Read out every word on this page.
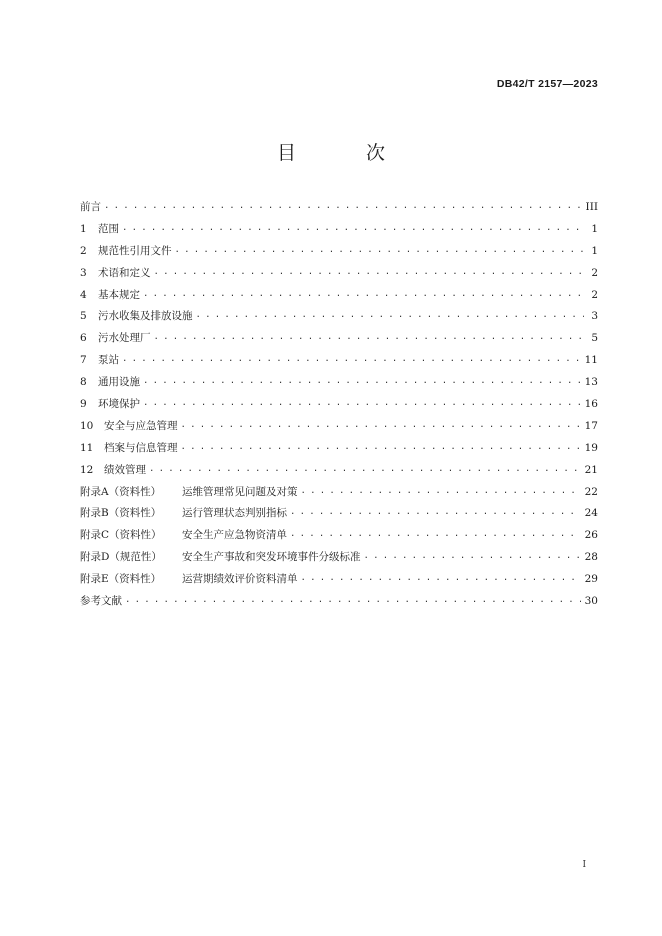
DB42/T 2157—2023
目 次
前言 . . .	III
1	范围 . . .	1
2	规范性引用文件 . . .	1
3	术语和定义 . . .	2
4	基本规定 . . .	2
5	污水收集及排放设施 . . .	3
6	污水处理厂 . . .	5
7	泵站 . . .	11
8	通用设施 . . .	13
9	环境保护 . . .	16
10	安全与应急管理 . . .	17
11	档案与信息管理 . . .	19
12	绩效管理 . . .	21
附录A（资料性）	运维管理常见问题及对策 . . .	22
附录B（资料性）	运行管理状态判别指标 . . .	24
附录C（资料性）	安全生产应急物资清单 . . .	26
附录D（规范性）	安全生产事故和突发环境事件分级标准 . . .	28
附录E（资料性）	运营期绩效评价资料清单 . . .	29
参考文献 . . .	30
I
